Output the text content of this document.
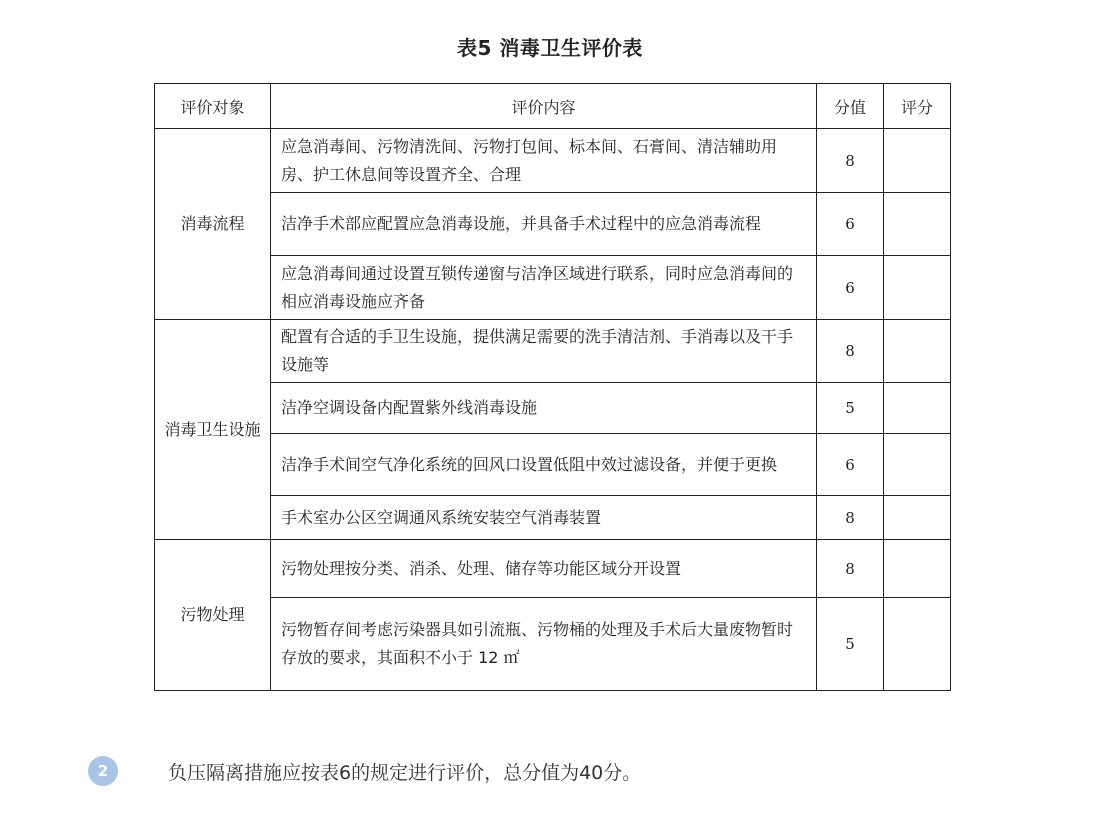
表5 消毒卫生评价表
评价对象	评价内容	分值	评分
消毒流程	应急消毒间、污物清洗间、污物打包间、标本间、石膏间、清洁辅助用房、护工休息间等设置齐全、合理	8	
	洁净手术部应配置应急消毒设施，并具备手术过程中的应急消毒流程	6	
	应急消毒间通过设置互锁传递窗与洁净区域进行联系，同时应急消毒间的相应消毒设施应齐备	6	
消毒卫生设施	配置有合适的手卫生设施，提供满足需要的洗手清洁剂、手消毒以及干手设施等	8	
	洁净空调设备内配置紫外线消毒设施	5	
	洁净手术间空气净化系统的回风口设置低阻中效过滤设备，并便于更换	6	
	手术室办公区空调通风系统安装空气消毒装置	8	
污物处理	污物处理按分类、消杀、处理、储存等功能区域分开设置	8	
	污物暂存间考虑污染器具如引流瓶、污物桶的处理及手术后大量废物暂时存放的要求，其面积不小于 12 ㎡	5	
2	负压隔离措施应按表6的规定进行评价，总分值为40分。
